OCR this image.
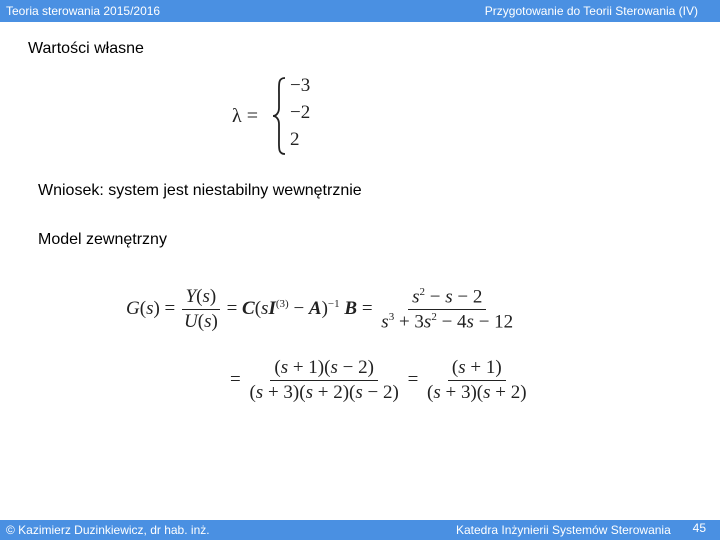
Teoria sterowania 2015/2016	Przygotowanie do Teorii Sterowania (IV)
Wartości własne
λ =
−3
−2
2
Wniosek: system jest niestabilny wewnętrznie
Model zewnętrzny
$G(s) = \frac{Y(s)}{U(s)} = C(sI^{(3)} - A)^{-1}$ $B = \frac{s^2 - s - 2}{s^3 + 3s^2 - 4s - 12}$
= $\frac{(s + 1)(s - 2)}{(s + 3)(s + 2)(s - 2)} = \frac{(s + 1)}{(s + 3)(s + 2)}$
© Kazimierz Duzinkiewicz, dr hab. inż.	Katedra Inżynierii Systemów Sterowania 45
